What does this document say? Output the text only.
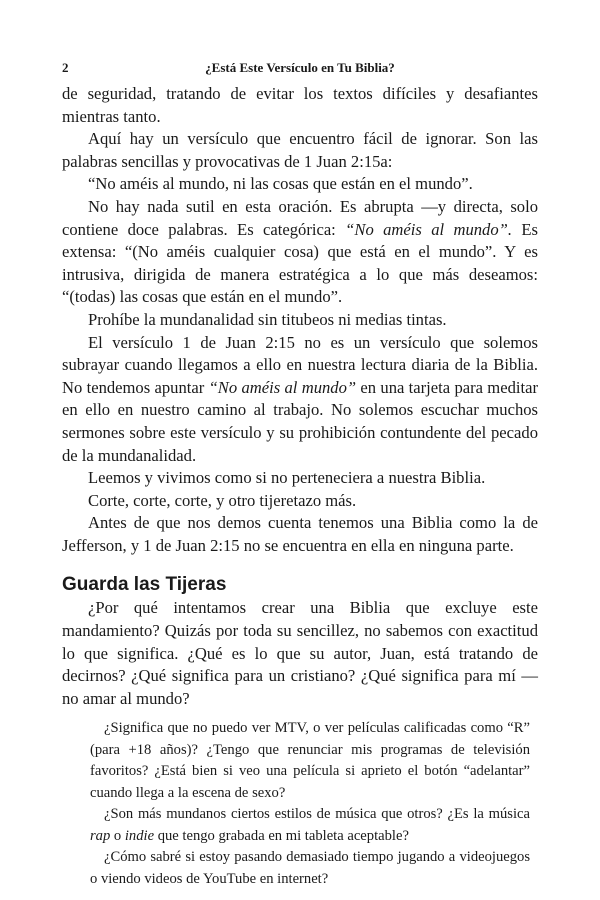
2	¿Está Este Versículo en Tu Biblia?

de seguridad, tratando de evitar los textos difíciles y desafiantes mientras tanto.

Aquí hay un versículo que encuentro fácil de ignorar. Son las palabras sencillas y provocativas de 1 Juan 2:15a:

“No améis al mundo, ni las cosas que están en el mundo”.

No hay nada sutil en esta oración. Es abrupta —y directa, solo contiene doce palabras. Es categórica: “No améis al mundo”. Es extensa: “(No améis cualquier cosa) que está en el mundo”. Y es intrusiva, dirigida de manera estratégica a lo que más deseamos: “(todas) las cosas que están en el mundo”.

Prohíbe la mundanalidad sin titubeos ni medias tintas.

El versículo 1 de Juan 2:15 no es un versículo que solemos subrayar cuando llegamos a ello en nuestra lectura diaria de la Biblia. No tendemos apuntar “No améis al mundo” en una tarjeta para meditar en ello en nuestro camino al trabajo. No solemos escuchar muchos sermones sobre este versículo y su prohibición contundente del pecado de la mundanalidad.

Leemos y vivimos como si no perteneciera a nuestra Biblia.

Corte, corte, corte, y otro tijeretazo más.

Antes de que nos demos cuenta tenemos una Biblia como la de Jefferson, y 1 de Juan 2:15 no se encuentra en ella en ninguna parte.

Guarda las Tijeras

¿Por qué intentamos crear una Biblia que excluye este mandamiento? Quizás por toda su sencillez, no sabemos con exactitud lo que significa. ¿Qué es lo que su autor, Juan, está tratando de decirnos? ¿Qué significa para un cristiano? ¿Qué significa para mí —no amar al mundo?

¿Significa que no puedo ver MTV, o ver películas calificadas como “R” (para +18 años)? ¿Tengo que renunciar mis programas de televisión favoritos? ¿Está bien si veo una película si aprieto el botón “adelantar” cuando llega a la escena de sexo?

¿Son más mundanos ciertos estilos de música que otros? ¿Es la música rap o indie que tengo grabada en mi tableta aceptable?

¿Cómo sabré si estoy pasando demasiado tiempo jugando a videojuegos o viendo videos de YouTube en internet?
